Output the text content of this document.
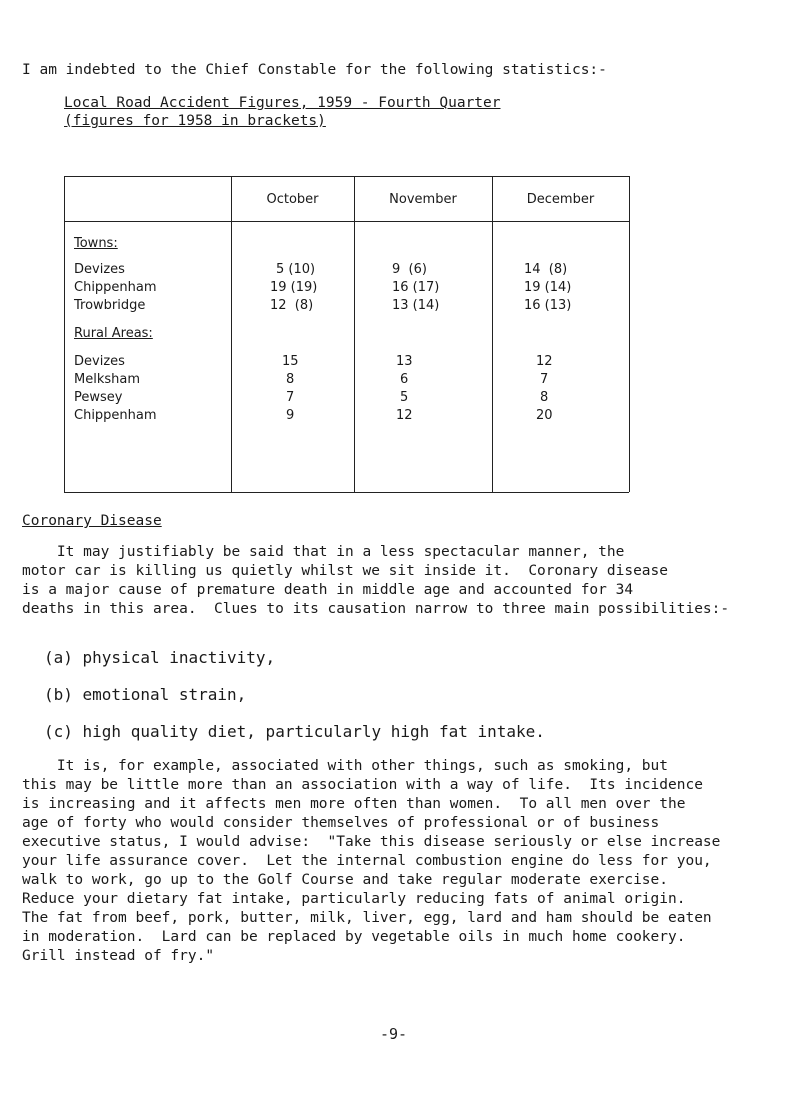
I am indebted to the Chief Constable for the following statistics:-
Local Road Accident Figures, 1959 - Fourth Quarter
(figures for 1958 in brackets)
October	November	December
Towns:
Devizes	5 (10)	9  (6)	14  (8)
Chippenham	19 (19)	16 (17)	19 (14)
Trowbridge	12  (8)	13 (14)	16 (13)
Rural Areas:
Devizes	15	13	12
Melksham	8	6	7
Pewsey	7	5	8
Chippenham	9	12	20
Coronary Disease
It may justifiably be said that in a less spectacular manner, the
motor car is killing us quietly whilst we sit inside it.  Coronary disease
is a major cause of premature death in middle age and accounted for 34
deaths in this area.  Clues to its causation narrow to three main possibilities:-
(a) physical inactivity,
(b) emotional strain,
(c) high quality diet, particularly high fat intake.
It is, for example, associated with other things, such as smoking, but
this may be little more than an association with a way of life.  Its incidence
is increasing and it affects men more often than women.  To all men over the
age of forty who would consider themselves of professional or of business
executive status, I would advise:  "Take this disease seriously or else increase
your life assurance cover.  Let the internal combustion engine do less for you,
walk to work, go up to the Golf Course and take regular moderate exercise.
Reduce your dietary fat intake, particularly reducing fats of animal origin.
The fat from beef, pork, butter, milk, liver, egg, lard and ham should be eaten
in moderation.  Lard can be replaced by vegetable oils in much home cookery.
Grill instead of fry."
-9-
